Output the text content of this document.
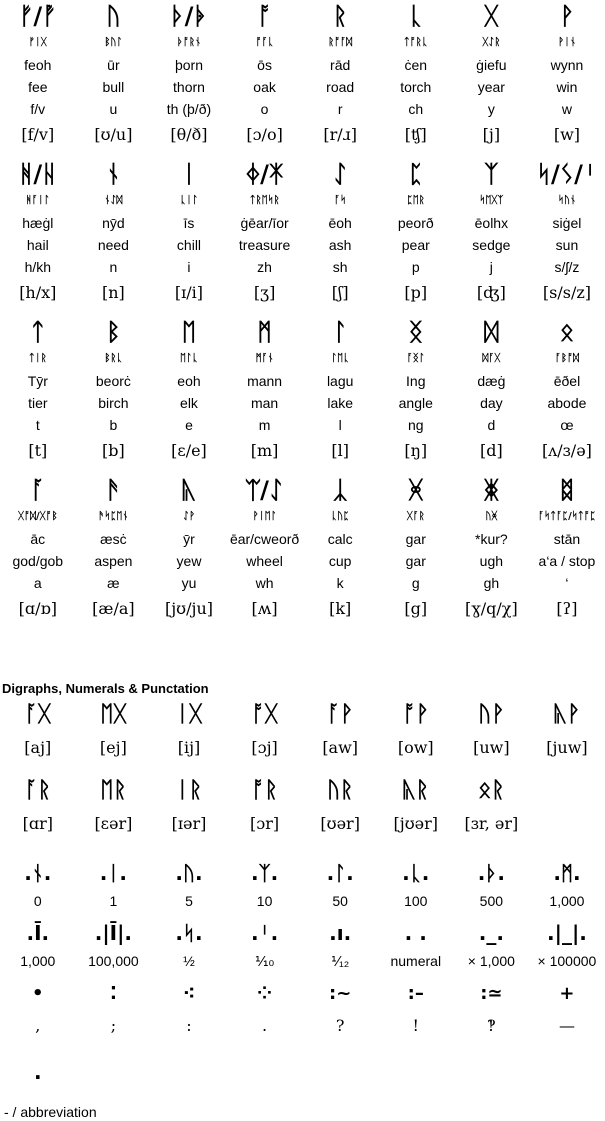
ᚠ/ᚡ	ᚢ	ᚦ/ᚧ	ᚩ	ᚱ	ᚳ	ᚷ	ᚹ
ᚠᛁᚷ	ᛒᚢᛚ	ᚦᚩᚱᚾ	ᚩᚪᚳ	ᚱᚩᚪᛞ	ᛏᚩᚱᚳ	ᚷᛇᚱ	ᚹᛁᚾ
feoh	ūr	þorn	ōs	rād	ċen	ġiefu	wynn
fee	bull	thorn	oak	road	torch	year	win
f/v	u	th (þ/ð)	o	r	ch	y	w
[f/v]	[ʊ/u]	[θ/ð]	[ɔ/o]	[r/ɹ]	[ʧ]	[j]	[w]
ᚻ/ᚺ	ᚾ	ᛁ	ᛄ/ᛡ	ᛇ	ᛈ	ᛉ	ᛋ/ᛊ/ᛌ
ᚻᚪᛁᛚ	ᚾᛇᛞ	ᚳᛁᛚ	ᛏᚱᛖᛋᚱ	ᚪᛋ	ᛈᛖᚱ	ᛋᛖᚷᛉ	ᛋᚢᚾ
hæġl	nӯd	īs	ġēar/īor	ēoh	peorð	ēolhx	siġel
hail	need	chill	treasure	ash	pear	sedge	sun
h/kh	n	i	zh	sh	p	j	s/ʃ/z
[h/x]	[n]	[ɪ/i]	[ʒ]	[ʃ]	[p]	[ʤ]	[s/s/z]
ᛏ	ᛒ	ᛖ	ᛗ	ᛚ	ᛝ	ᛞ	ᛟ
ᛏᛁᚱ	ᛒᚱᚳ	ᛖᛚᚳ	ᛗᚪᚾ	ᛚᛖᚳ	ᚪᛝᛚ	ᛞᚪᚷ	ᚪᛒᚩᛞ
Tȳr	beorċ	eoh	mann	lagu	Ing	dæġ	ēðel
tier	birch	elk	man	lake	angle	day	abode
t	b	e	m	l	ng	d	œ
[t]	[b]	[ɛ/e]	[m]	[l]	[ŋ]	[d]	[ʌ/ɜ/ə]
ᚪ	ᚫ	ᚣ	ᛠ/ᛇ	ᛣ	ᚸ	ᛤ	ᛥ
ᚷᚩᛞ/ᚷᚩᛒ	ᚫᛋᛈᛖᚾ	ᛇᚹ	ᚹᛁᛖᛚ	ᚳᚢᛈ	ᚷᚪᚱ	ᚢᚸ	ᚪᛋᛏᚪᛈ/ᛋᛏᚩᛈ
āc	æsċ	ӯr	ēar/cweorð	calc	gar	*kur?	stān
god/gob	aspen	yew	wheel	cup	gar	ugh	a‘a / stop
a	æ	yu	wh	k	g	gh	‘
[ɑ/ɒ]	[æ/a]	[jʊ/ju]	[ʍ]	[k]	[g]	[ɣ/q/χ]	[ʔ]
Digraphs, Numerals & Punctation
ᚪᚷ	ᛖᚷ	ᛁᚷ	ᚩᚷ	ᚪᚹ	ᚩᚹ	ᚢᚹ	ᚣᚹ
[aj]	[ej]	[ij]	[ɔj]	[aw]	[ow]	[uw]	[juw]
ᚪᚱ	ᛖᚱ	ᛁᚱ	ᚩᚱ	ᚢᚱ	ᚣᚱ	ᛟᚱ
[ɑr]	[ɛər]	[ɪər]	[ɔr]	[ʊər]	[jʊər]	[ɜr, ər]
.ᚾ.	.ᛁ.	.ᚢ.	.ᛉ.	.ᛚ.	.ᚳ.	.ᚦ.	.ᛗ.
0	1	5	10	50	100	500	1,000
.Ī.	.|Ī|.	.ᛋ.	.ᛌ.	.ı.	. .	._.	.|_|.
1,000	100,000	½	⅒	⅟₁₂	numeral	× 1,000	× 100000
•	⁚	⁖	⁘	:~	:–	:≃	+
,	;	:	.	?	!	‽	—
.
- / abbreviation
